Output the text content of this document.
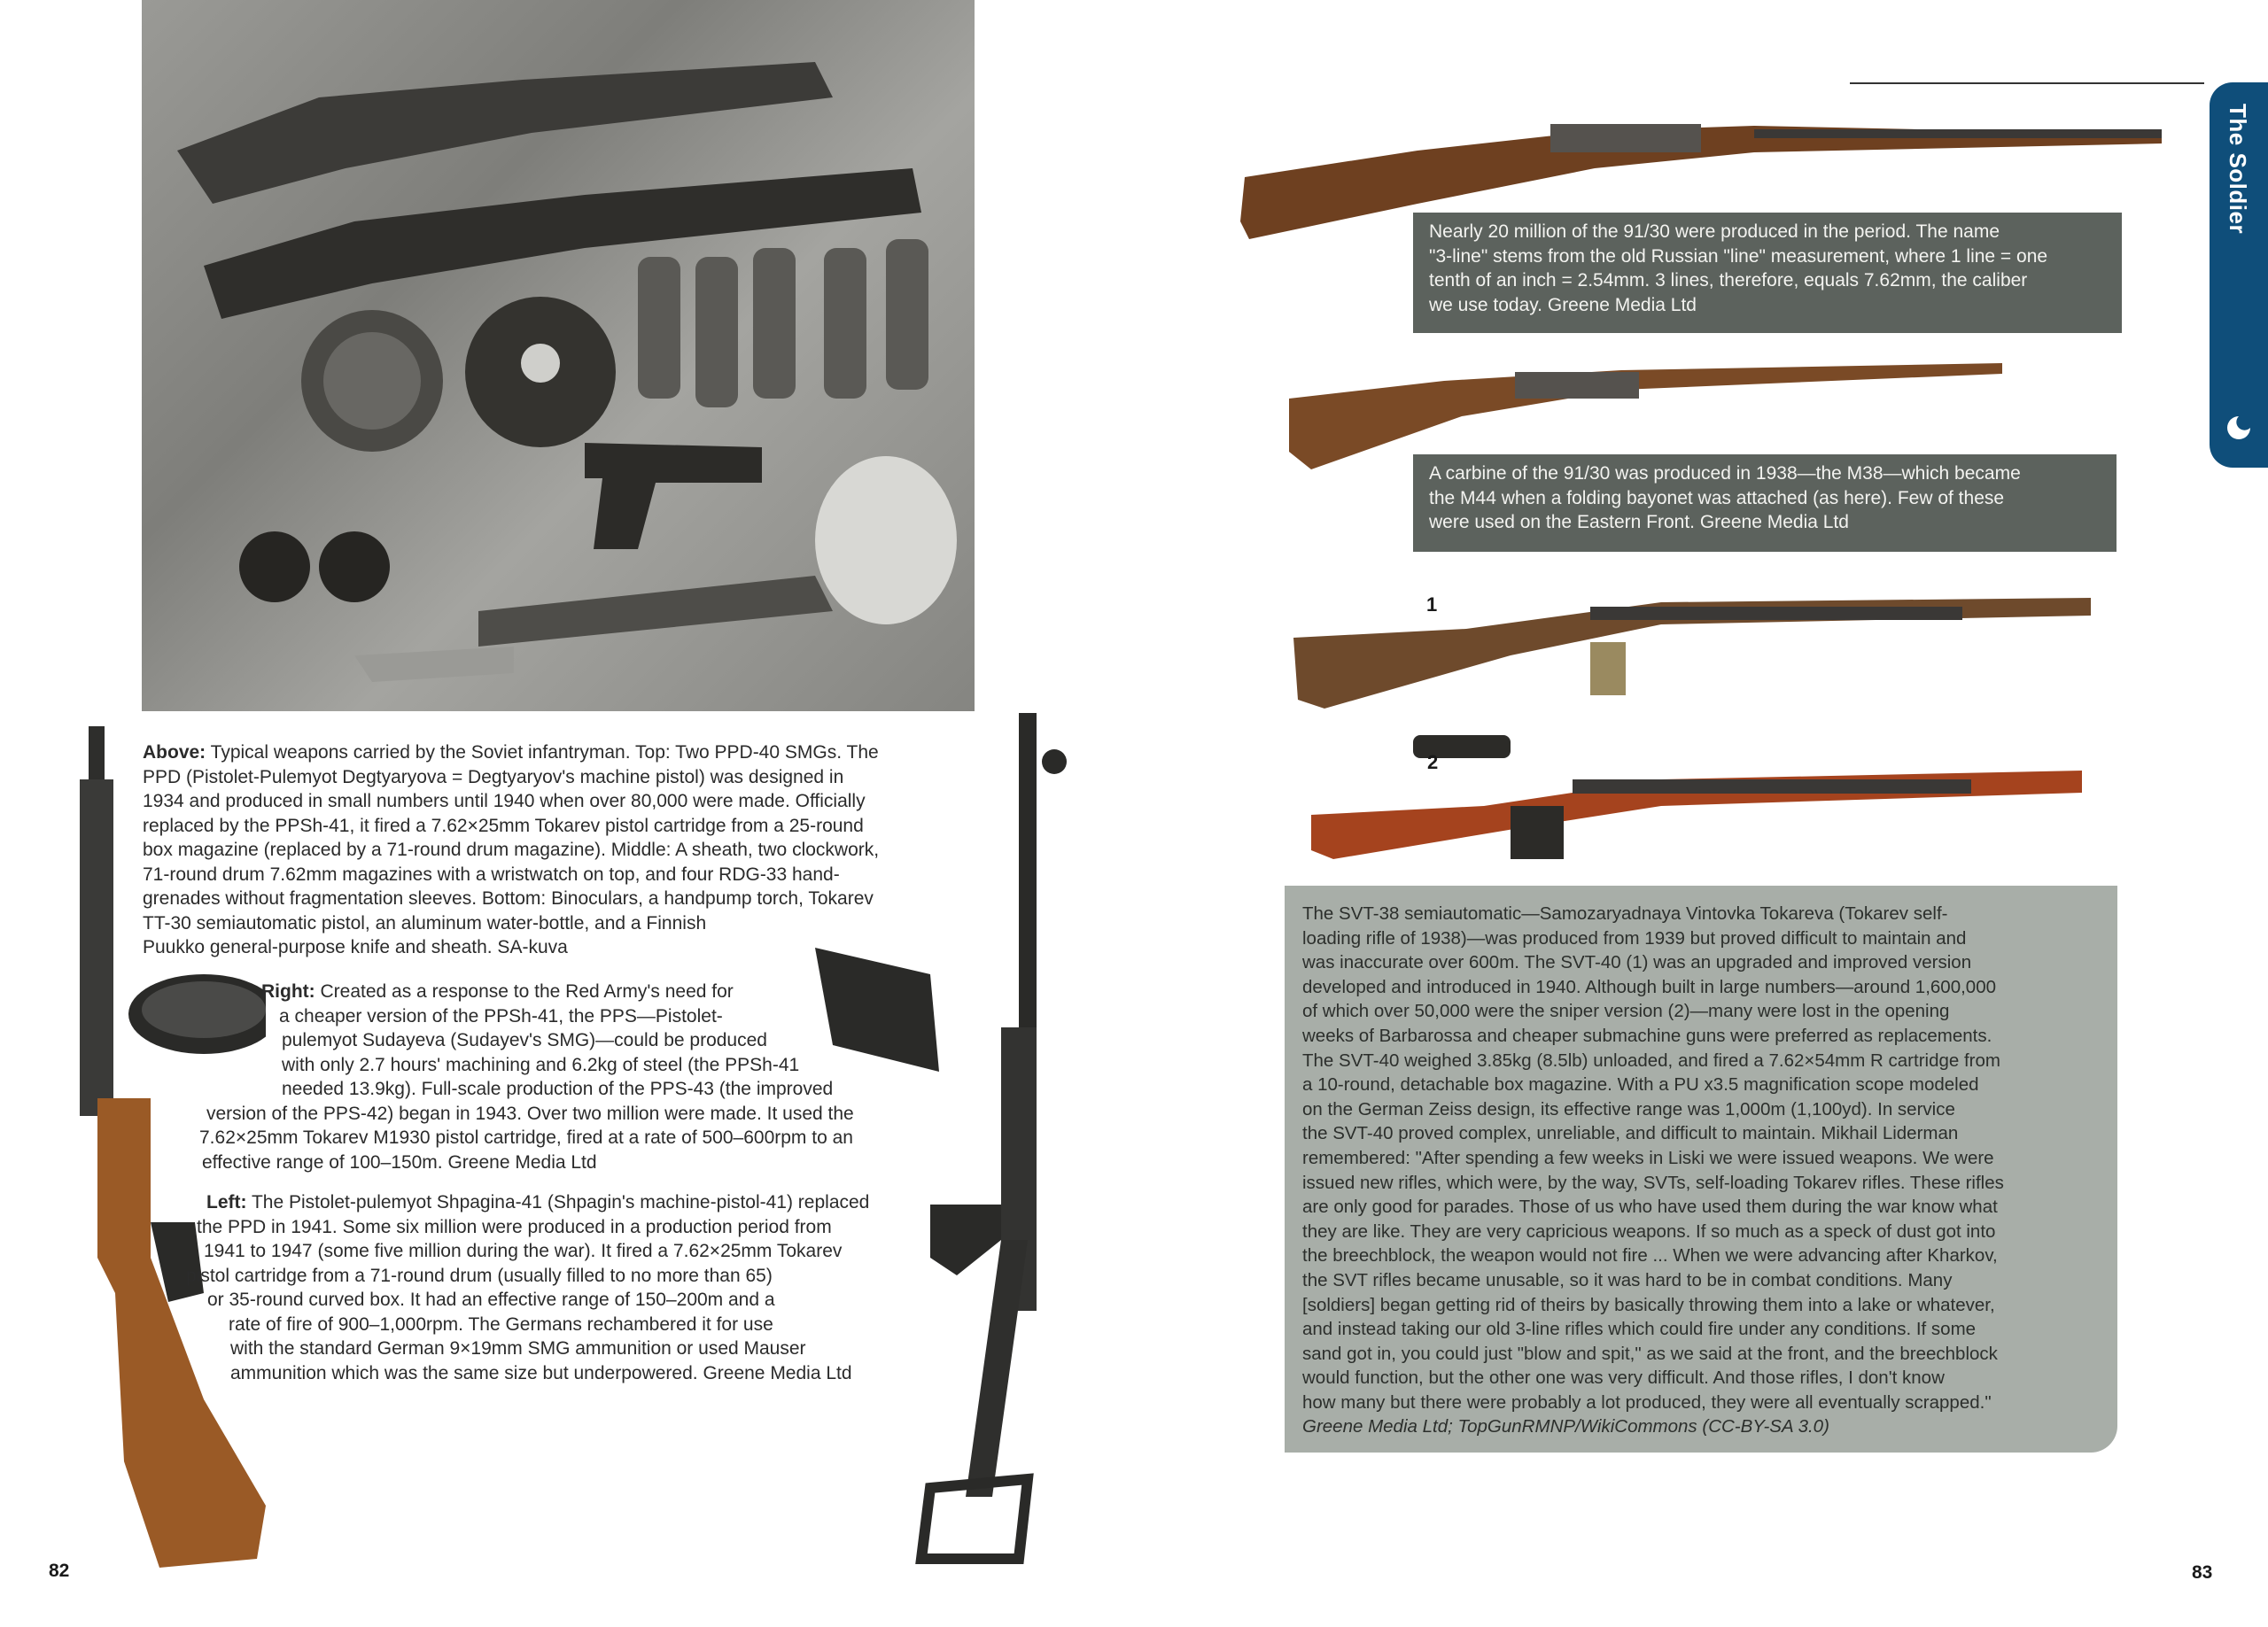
Above: Typical weapons carried by the Soviet infantryman. Top: Two PPD-40 SMGs. The
PPD (Pistolet-Pulemyot Degtyaryova = Degtyaryov's machine pistol) was designed in
1934 and produced in small numbers until 1940 when over 80,000 were made. Officially
replaced by the PPSh-41, it fired a 7.62×25mm Tokarev pistol cartridge from a 25-round
box magazine (replaced by a 71-round drum magazine). Middle: A sheath, two clockwork,
71-round drum 7.62mm magazines with a wristwatch on top, and four RDG-33 hand-
grenades without fragmentation sleeves. Bottom: Binoculars, a handpump torch, Tokarev
TT-30 semiautomatic pistol, an aluminum water-bottle, and a Finnish
Puukko general-purpose knife and sheath. SA-kuva
Right: Created as a response to the Red Army's need for
a cheaper version of the PPSh-41, the PPS—Pistolet-
pulemyot Sudayeva (Sudayev's SMG)—could be produced
with only 2.7 hours' machining and 6.2kg of steel (the PPSh-41
needed 13.9kg). Full-scale production of the PPS-43 (the improved
version of the PPS-42) began in 1943. Over two million were made. It used the
7.62×25mm Tokarev M1930 pistol cartridge, fired at a rate of 500–600rpm to an
effective range of 100–150m. Greene Media Ltd
Left: The Pistolet-pulemyot Shpagina-41 (Shpagin's machine-pistol-41) replaced
the PPD in 1941. Some six million were produced in a production period from
1941 to 1947 (some five million during the war). It fired a 7.62×25mm Tokarev
pistol cartridge from a 71-round drum (usually filled to no more than 65)
or 35-round curved box. It had an effective range of 150–200m and a
rate of fire of 900–1,000rpm. The Germans rechambered it for use
with the standard German 9×19mm SMG ammunition or used Mauser
ammunition which was the same size but underpowered. Greene Media Ltd
82
The Soldier
Nearly 20 million of the 91/30 were produced in the period. The name
"3-line" stems from the old Russian "line" measurement, where 1 line = one
tenth of an inch = 2.54mm. 3 lines, therefore, equals 7.62mm, the caliber
we use today. Greene Media Ltd
A carbine of the 91/30 was produced in 1938—the M38—which became
the M44 when a folding bayonet was attached (as here). Few of these
were used on the Eastern Front. Greene Media Ltd
1
2
The SVT-38 semiautomatic—Samozaryadnaya Vintovka Tokareva (Tokarev self-
loading rifle of 1938)—was produced from 1939 but proved difficult to maintain and
was inaccurate over 600m. The SVT-40 (1) was an upgraded and improved version
developed and introduced in 1940. Although built in large numbers—around 1,600,000
of which over 50,000 were the sniper version (2)—many were lost in the opening
weeks of Barbarossa and cheaper submachine guns were preferred as replacements.
The SVT-40 weighed 3.85kg (8.5lb) unloaded, and fired a 7.62×54mm R cartridge from
a 10-round, detachable box magazine. With a PU x3.5 magnification scope modeled
on the German Zeiss design, its effective range was 1,000m (1,100yd). In service
the SVT-40 proved complex, unreliable, and difficult to maintain. Mikhail Liderman
remembered: "After spending a few weeks in Liski we were issued weapons. We were
issued new rifles, which were, by the way, SVTs, self-loading Tokarev rifles. These rifles
are only good for parades. Those of us who have used them during the war know what
they are like. They are very capricious weapons. If so much as a speck of dust got into
the breechblock, the weapon would not fire ... When we were advancing after Kharkov,
the SVT rifles became unusable, so it was hard to be in combat conditions. Many
[soldiers] began getting rid of theirs by basically throwing them into a lake or whatever,
and instead taking our old 3-line rifles which could fire under any conditions. If some
sand got in, you could just "blow and spit," as we said at the front, and the breechblock
would function, but the other one was very difficult. And those rifles, I don't know
how many but there were probably a lot produced, they were all eventually scrapped."
Greene Media Ltd; TopGunRMNP/WikiCommons (CC-BY-SA 3.0)
83
